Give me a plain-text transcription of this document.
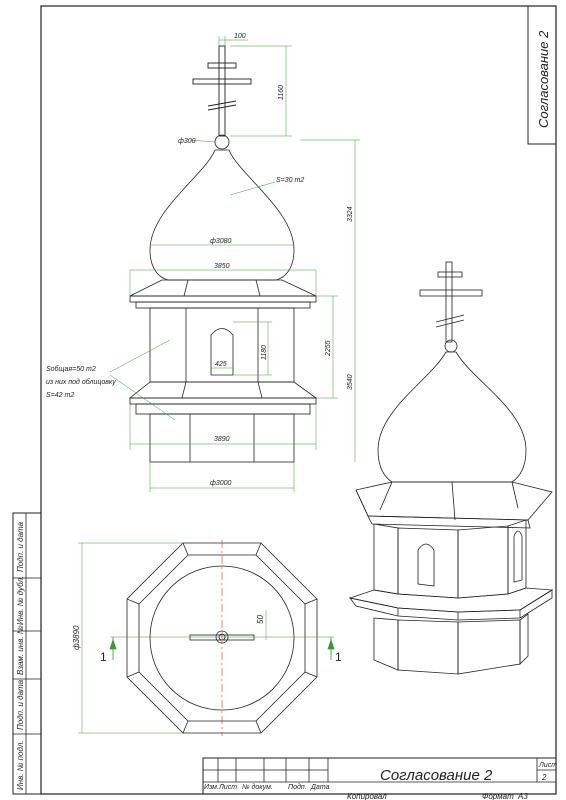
Согласование 2
Подп. и дата
Инв. № дубл.
Взам. инв. №
Подп. и дата
Инв. № подл.	Изм. Лист № докум. Подп. Дата
Согласование 2
Лист
2
Копировал	Формат А3
100
1160
ф300
S=30 m2
ф3080
3324
3850
1180
425
2255
3540
3890
ф3000
Sобщая=50 m2
из них под облицовку
S=42 m2
ф3890
50
1	1
